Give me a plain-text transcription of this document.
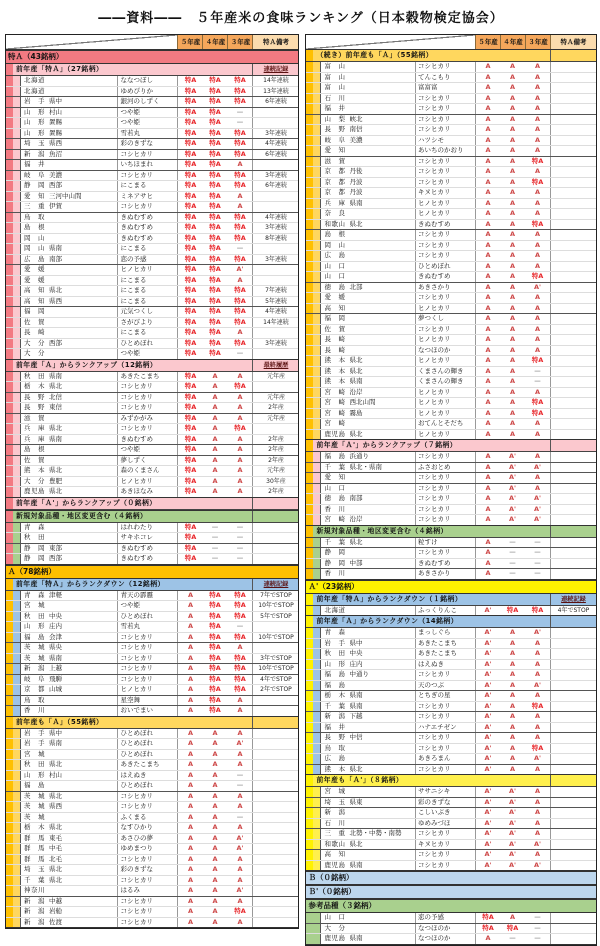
――資料――　５年産米の食味ランキング（日本穀物検定協会）
５年産 ４年産 ３年産	特Ａ備考
特Ａ（43銘柄）
前年産「特Ａ」（27銘柄）	連続記録
北海道	ななつぼし	特A	特A	特A	14年連続
北海道	ゆめぴりか	特A	特A	特A	13年連続
岩　手 県中	銀河のしずく	特A	特A	特A	6年連続
山　形 村山	つや姫	特A	特A	—
山　形 置賜	つや姫	特A	特A	—
山　形 置賜	雪若丸	特A	特A	特A	3年連続
埼　玉 県西	彩のきずな	特A	特A	特A	4年連続
新　潟 魚沼	コシヒカリ	特A	特A	特A	6年連続
福　井	いちほまれ	特A	特A	A
岐　阜 美濃	コシヒカリ	特A	特A	特A	3年連続
静　岡 西部	にこまる	特A	特A	特A	6年連続
愛　知 三河中山間	ミネアサヒ	特A	特A	A
三　重 伊賀	コシヒカリ	特A	特A	A
鳥　取	きぬむすめ	特A	特A	特A	4年連続
島　根	きぬむすめ	特A	特A	特A	3年連続
岡　山	きぬむすめ	特A	特A	特A	8年連続
岡　山 県南	にこまる	特A	特A	—
広　島 南部	恋の予感	特A	特A	特A	3年連続
愛　媛	ヒノヒカリ	特A	特A	A'
愛　媛	にこまる	特A	特A	A
高　知 県北	にこまる	特A	特A	特A	7年連続
高　知 県西	にこまる	特A	特A	特A	5年連続
福　岡	元気つくし	特A	特A	特A	4年連続
佐　賀	さがびより	特A	特A	特A	14年連続
長　崎	にこまる	特A	特A	A
大　分 西部	ひとめぼれ	特A	特A	特A	3年連続
大　分	つや姫	特A	特A	—
前年産「Ａ」からランクアップ（12銘柄）	最終履歴
秋　田 県南	あきたこまち	特A	A	A	元年産
栃　木 県北	コシヒカリ	特A	A	特A
長　野 北信	コシヒカリ	特A	A	A	元年産
長　野 東信	コシヒカリ	特A	A	A	2年産
滋　賀	みずかがみ	特A	A	A	元年産
兵　庫 県北	コシヒカリ	特A	A	特A
兵　庫 県南	きぬむすめ	特A	A	A	2年産
島　根	つや姫	特A	A	A	2年産
佐　賀	夢しずく	特A	A	A	2年産
熊　本 県北	森のくまさん	特A	A	A	元年産
大　分 豊肥	ヒノヒカリ	特A	A	A	30年産
鹿児島 県北	あきほなみ	特A	A	A	2年産
前年産「Ａ'」からランクアップ（０銘柄）
新規対象品種・地区変更含む（４銘柄）
青　森	はれわたり	特A	—	—
秋　田	サキホコレ	特A	—	—
静　岡 東部	きぬむすめ	特A	—	—
静　岡 西部	きぬむすめ	特A	—	—
Ａ（78銘柄）
前年産「特Ａ」からランクダウン（12銘柄）	連続記録
青　森 津軽	青天の霹靂	A	特A	特A	7年でSTOP
宮　城	つや姫	A	特A	特A	10年でSTOP
秋　田 中央	ひとめぼれ	A	特A	特A	5年でSTOP
山　形 庄内	雪若丸	A	特A	—
福　島 会津	コシヒカリ	A	特A	特A	10年でSTOP
茨　城 県央	コシヒカリ	A	特A	A
茨　城 県南	コシヒカリ	A	特A	特A	3年でSTOP
新　潟 上越	コシヒカリ	A	特A	特A	10年でSTOP
岐　阜 飛騨	コシヒカリ	A	特A	特A	4年でSTOP
京　都 山城	ヒノヒカリ	A	特A	特A	2年でSTOP
鳥　取	星空舞	A	特A	A
香　川	おいでまい	A	特A	A
前年産も「Ａ」（55銘柄）
岩　手 県中	ひとめぼれ	A	A	A
岩　手 県南	ひとめぼれ	A	A	A'
宮　城	ひとめぼれ	A	A	A
秋　田 県北	あきたこまち	A	A	A
山　形 村山	はえぬき	A	A	—
福　島	ひとめぼれ	A	A	—
茨　城 県北	コシヒカリ	A	A	A
茨　城 県西	コシヒカリ	A	A	A
茨　城	ふくまる	A	A	—
栃　木 県北	なすひかり	A	A	A
群　馬 東毛	あさひの夢	A	A	A'
群　馬 中毛	ゆめまつり	A	A	A'
群　馬 北毛	コシヒカリ	A	A	A
埼　玉 県北	彩のきずな	A	A	A
千　葉 県北	コシヒカリ	A	A	A
神奈川	はるみ	A	A	A'
新　潟 中越	コシヒカリ	A	A	A
新　潟 岩船	コシヒカリ	A	A	特A
新　潟 佐渡	コシヒカリ	A	A	A
５年産 ４年産 ３年産	特Ａ備考
（続き）前年産も「Ａ」（55銘柄）
富　山	コシヒカリ	A	A	A
富　山	てんこもり	A	A	A
富　山	富富富	A	A	A
石　川	コシヒカリ	A	A	A
福　井	コシヒカリ	A	A	A
山　梨 峡北	コシヒカリ	A	A	A
長　野 南信	コシヒカリ	A	A	A
岐　阜 美濃	ハツシモ	A	A	A
愛　知	あいちのかおり	A	A	A
滋　賀	コシヒカリ	A	A	特A
京　都 丹後	コシヒカリ	A	A	A
京　都 丹波	コシヒカリ	A	A	特A
京　都 丹波	キヌヒカリ	A	A	A
兵　庫 県南	ヒノヒカリ	A	A	A
奈　良	ヒノヒカリ	A	A	A
和歌山 県北	きぬむすめ	A	A	特A
島　根	コシヒカリ	A	A	A
岡　山	コシヒカリ	A	A	A
広　島	コシヒカリ	A	A	A
山　口	ひとめぼれ	A	A	A
山　口	きぬむすめ	A	A	特A
徳　島 北部	あきさかり	A	A	A'
愛　媛	コシヒカリ	A	A	A
高　知	ヒノヒカリ	A	A	A
福　岡	夢つくし	A	A	A
佐　賀	コシヒカリ	A	A	A
長　崎	ヒノヒカリ	A	A	A
長　崎	なつほのか	A	A	A
熊　本 県北	ヒノヒカリ	A	A	特A
熊　本 県北	くまさんの輝き	A	A	—
熊　本 県南	くまさんの輝き	A	A	—
宮　崎 沿岸	ヒノヒカリ	A	A	A
宮　崎 西北山間	ヒノヒカリ	A	A	特A
宮　崎 霧島	ヒノヒカリ	A	A	特A
宮　崎	おてんとそだち	A	A	A
鹿児島 県北	ヒノヒカリ	A	A	A
前年産「Ａ'」からランクアップ（７銘柄）
福　島 浜通り	コシヒカリ	A	A'	A
千　葉 県北・県南	ふさおとめ	A	A'	A'
愛　知	コシヒカリ	A	A'	A
山　口	コシヒカリ	A	A'	A
徳　島 南部	コシヒカリ	A	A'	A'
香　川	コシヒカリ	A	A'	A'
宮　崎 沿岸	コシヒカリ	A	A'	A'
新規対象品種・地区変更含む（４銘柄）
千　葉 県北	粒すけ	A	—	—
静　岡	コシヒカリ	A	—	—
静　岡 中部	きぬむすめ	A	—	—
香　川	あきさかり	A	—	—
Ａ'（23銘柄）
前年産「特Ａ」からランクダウン（１銘柄）	連続記録
北海道	ふっくりんこ	A'	特A	特A	4年でSTOP
前年産「Ａ」からランクダウン（14銘柄）
青　森	まっしぐら	A'	A	A'
岩　手 県中	あきたこまち	A'	A	A
秋　田 中央	あきたこまち	A'	A	A
山　形 庄内	はえぬき	A'	A	A
福　島 中通り	コシヒカリ	A'	A	A
福　島	天のつぶ	A'	A	A'
栃　木 県南	とちぎの星	A'	A	A
千　葉 県南	コシヒカリ	A'	A	特A
新　潟 下越	コシヒカリ	A'	A	A
福　井	ハナエチゼン	A'	A	A
長　野 中信	コシヒカリ	A'	A	A
鳥　取	コシヒカリ	A'	A	特A
広　島	あきろまん	A'	A	A'
熊　本 県北	コシヒカリ	A'	A	A
前年産も「Ａ'」（８銘柄）
宮　城	ササニシキ	A'	A'	A
埼　玉 県東	彩のきずな	A'	A'	A
新　潟	こしいぶき	A'	A'	A
石　川	ゆめみづほ	A'	A'	A
三　重 北勢・中勢・南勢	コシヒカリ	A'	A'	A
和歌山 県北	キヌヒカリ	A'	A'	A'
高　知	コシヒカリ	A'	A'	A
鹿児島 県南	コシヒカリ	A'	A'	A'
Ｂ（０銘柄）
Ｂ'（０銘柄）
参考品種（３銘柄）
山　口	恋の予感	特A	A	—
大　分	なつほのか	特A	特A	—
鹿児島 県南	なつほのか	A	—	—
